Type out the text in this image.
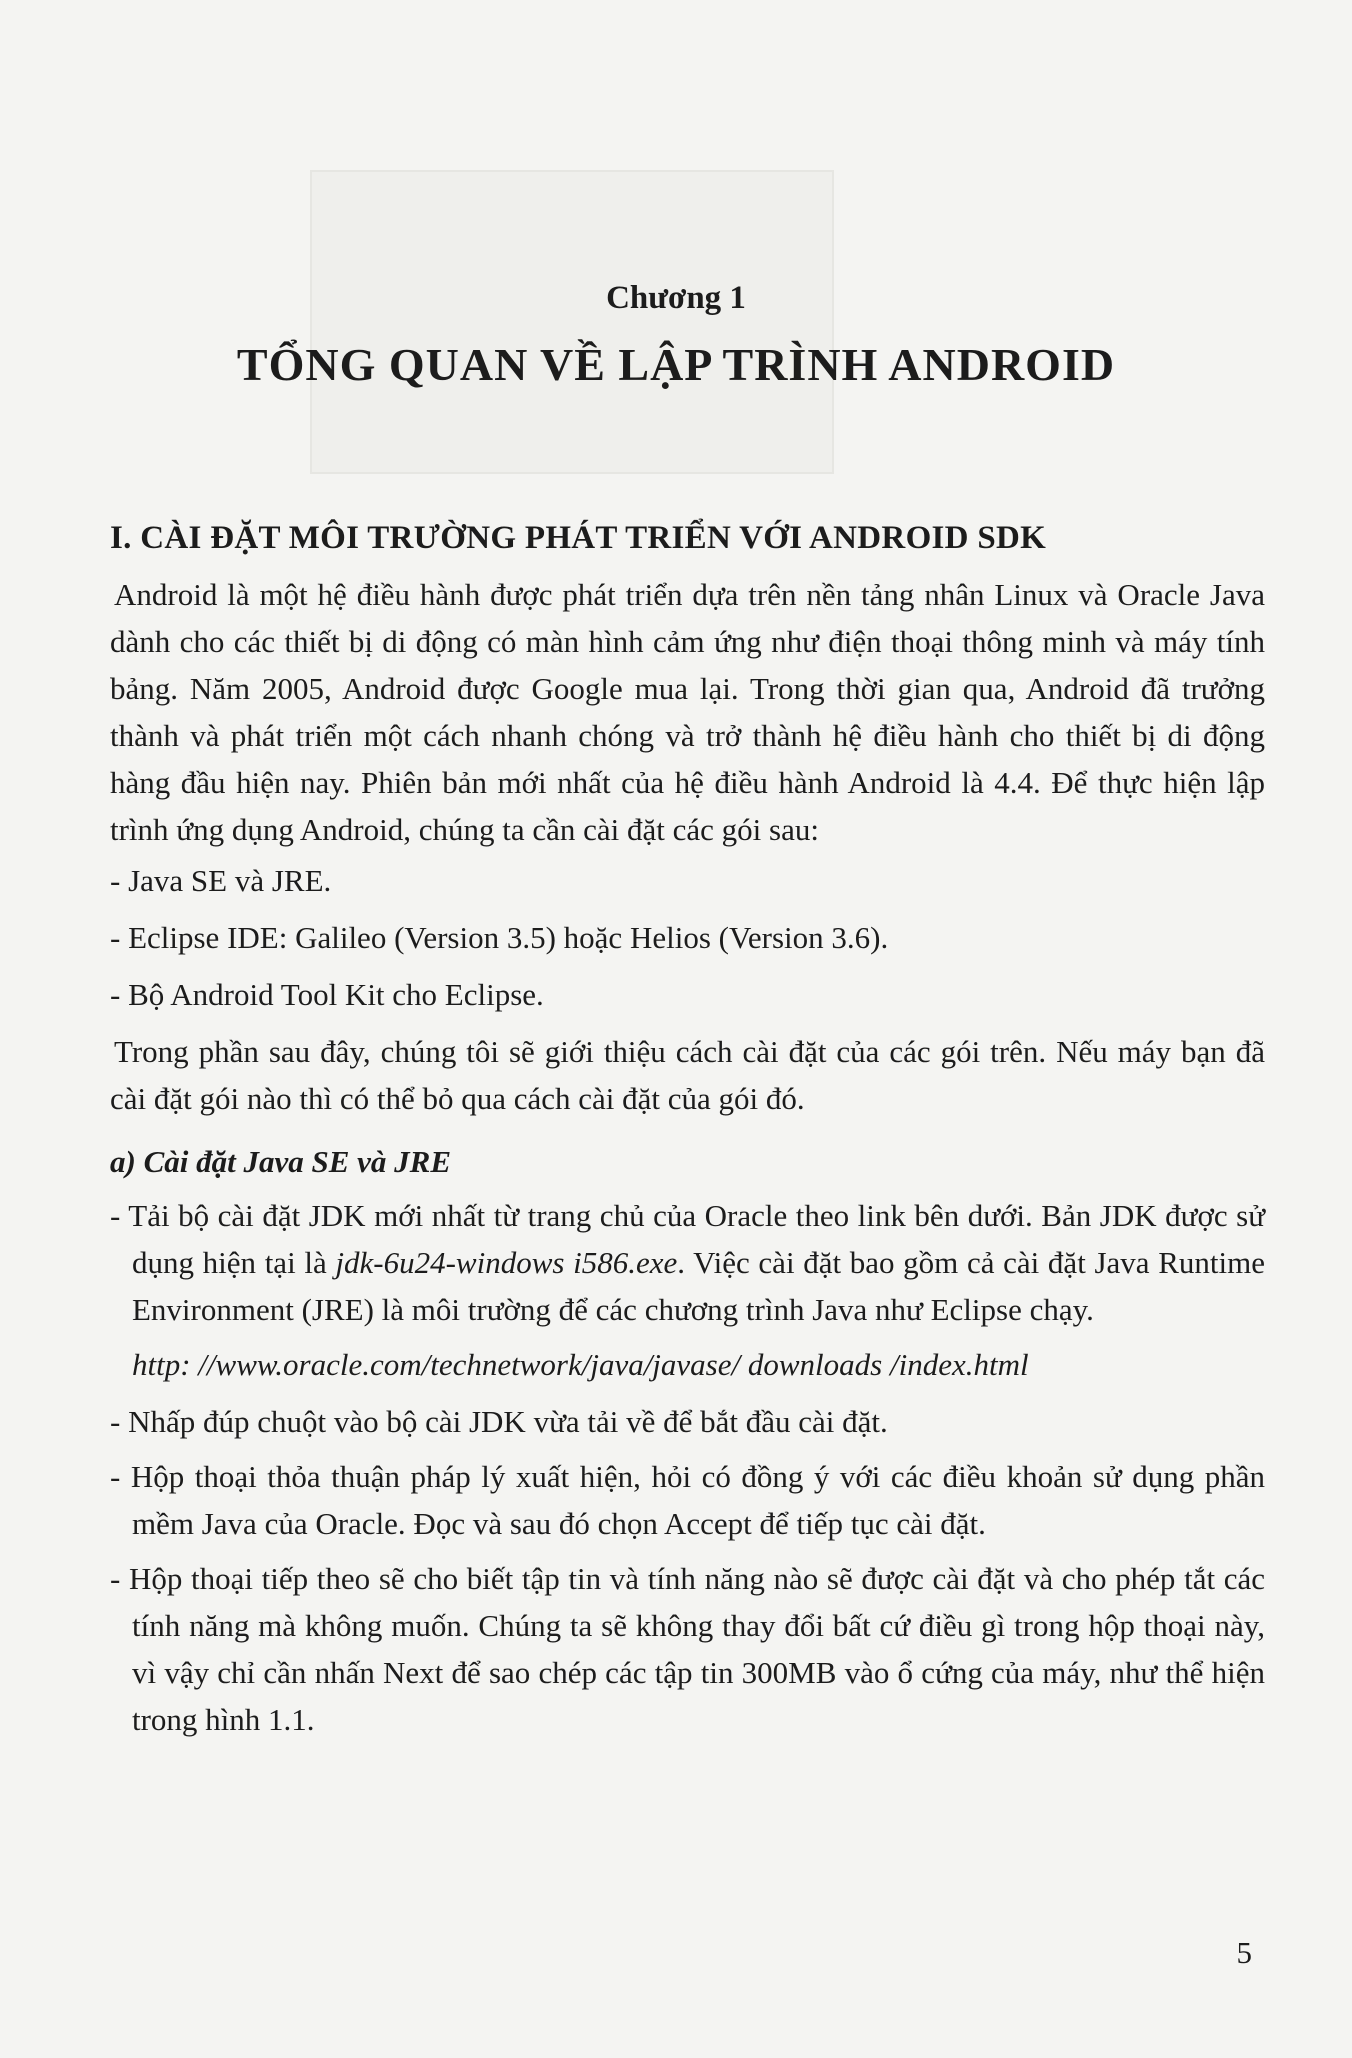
Chương 1
TỔNG QUAN VỀ LẬP TRÌNH ANDROID
I. CÀI ĐẶT MÔI TRƯỜNG PHÁT TRIỂN VỚI ANDROID SDK

Android là một hệ điều hành được phát triển dựa trên nền tảng nhân Linux và Oracle Java dành cho các thiết bị di động có màn hình cảm ứng như điện thoại thông minh và máy tính bảng. Năm 2005, Android được Google mua lại. Trong thời gian qua, Android đã trưởng thành và phát triển một cách nhanh chóng và trở thành hệ điều hành cho thiết bị di động hàng đầu hiện nay. Phiên bản mới nhất của hệ điều hành Android là 4.4. Để thực hiện lập trình ứng dụng Android, chúng ta cần cài đặt các gói sau:

- Java SE và JRE.
- Eclipse IDE: Galileo (Version 3.5) hoặc Helios (Version 3.6).
- Bộ Android Tool Kit cho Eclipse.

Trong phần sau đây, chúng tôi sẽ giới thiệu cách cài đặt của các gói trên. Nếu máy bạn đã cài đặt gói nào thì có thể bỏ qua cách cài đặt của gói đó.

a) Cài đặt Java SE và JRE
- Tải bộ cài đặt JDK mới nhất từ trang chủ của Oracle theo link bên dưới. Bản JDK được sử dụng hiện tại là jdk-6u24-windows i586.exe. Việc cài đặt bao gồm cả cài đặt Java Runtime Environment (JRE) là môi trường để các chương trình Java như Eclipse chạy.
http: //www.oracle.com/technetwork/java/javase/ downloads /index.html
- Nhấp đúp chuột vào bộ cài JDK vừa tải về để bắt đầu cài đặt.
- Hộp thoại thỏa thuận pháp lý xuất hiện, hỏi có đồng ý với các điều khoản sử dụng phần mềm Java của Oracle. Đọc và sau đó chọn Accept để tiếp tục cài đặt.
- Hộp thoại tiếp theo sẽ cho biết tập tin và tính năng nào sẽ được cài đặt và cho phép tắt các tính năng mà không muốn. Chúng ta sẽ không thay đổi bất cứ điều gì trong hộp thoại này, vì vậy chỉ cần nhấn Next để sao chép các tập tin 300MB vào ổ cứng của máy, như thể hiện trong hình 1.1.
5
